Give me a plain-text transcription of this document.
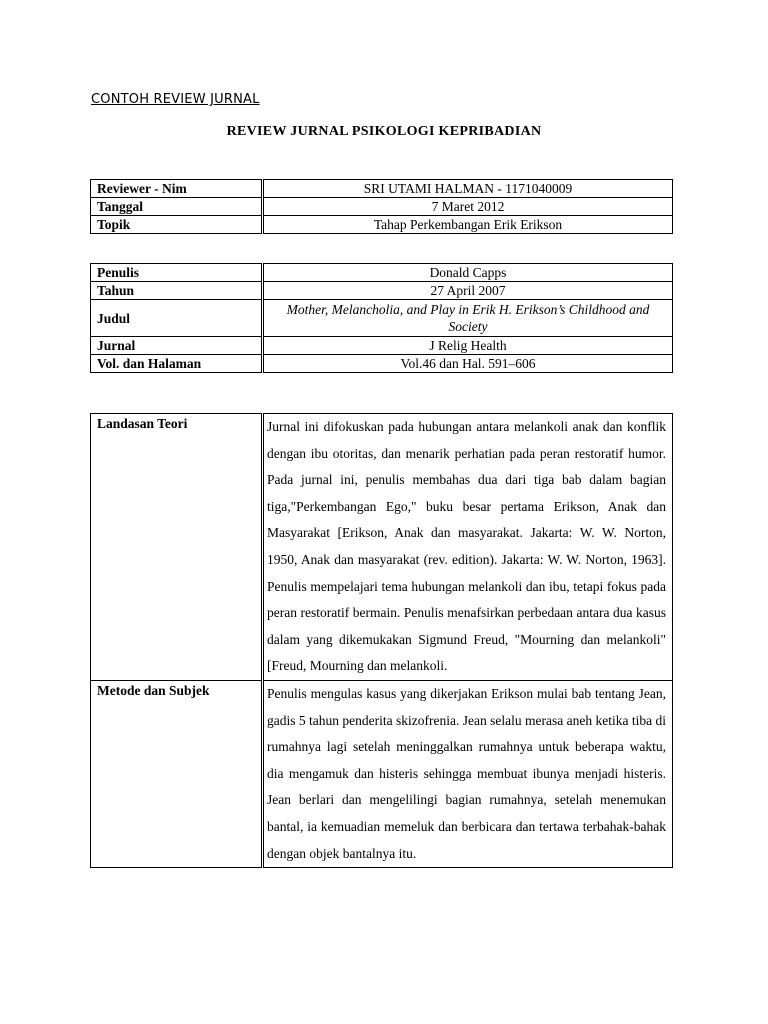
CONTOH REVIEW JURNAL
REVIEW JURNAL PSIKOLOGI KEPRIBADIAN
Reviewer - Nim	SRI UTAMI HALMAN - 1171040009
Tanggal	7 Maret 2012
Topik	Tahap Perkembangan Erik Erikson
Penulis	Donald Capps
Tahun	27 April 2007
Judul	Mother, Melancholia, and Play in Erik H. Erikson’s Childhood and Society
Jurnal	J Relig Health
Vol. dan Halaman	Vol.46 dan Hal. 591–606
Landasan Teori	Jurnal ini difokuskan pada hubungan antara melankoli anak dan konflik dengan ibu otoritas, dan menarik perhatian pada peran restoratif humor. Pada jurnal ini, penulis membahas dua dari tiga bab dalam bagian tiga,"Perkembangan Ego," buku besar pertama Erikson, Anak dan Masyarakat [Erikson, Anak dan masyarakat. Jakarta: W. W. Norton, 1950, Anak dan masyarakat (rev. edition). Jakarta: W. W. Norton, 1963]. Penulis mempelajari tema hubungan melankoli dan ibu, tetapi fokus pada peran restoratif bermain. Penulis menafsirkan perbedaan antara dua kasus dalam yang dikemukakan Sigmund Freud, "Mourning dan melankoli" [Freud, Mourning dan melankoli.
Metode dan Subjek	Penulis mengulas kasus yang dikerjakan Erikson mulai bab tentang Jean, gadis 5 tahun penderita skizofrenia. Jean selalu merasa aneh ketika tiba di rumahnya lagi setelah meninggalkan rumahnya untuk beberapa waktu, dia mengamuk dan histeris sehingga membuat ibunya menjadi histeris. Jean berlari dan mengelilingi bagian rumahnya, setelah menemukan bantal, ia kemuadian memeluk dan berbicara dan tertawa terbahak-bahak dengan objek bantalnya itu.
